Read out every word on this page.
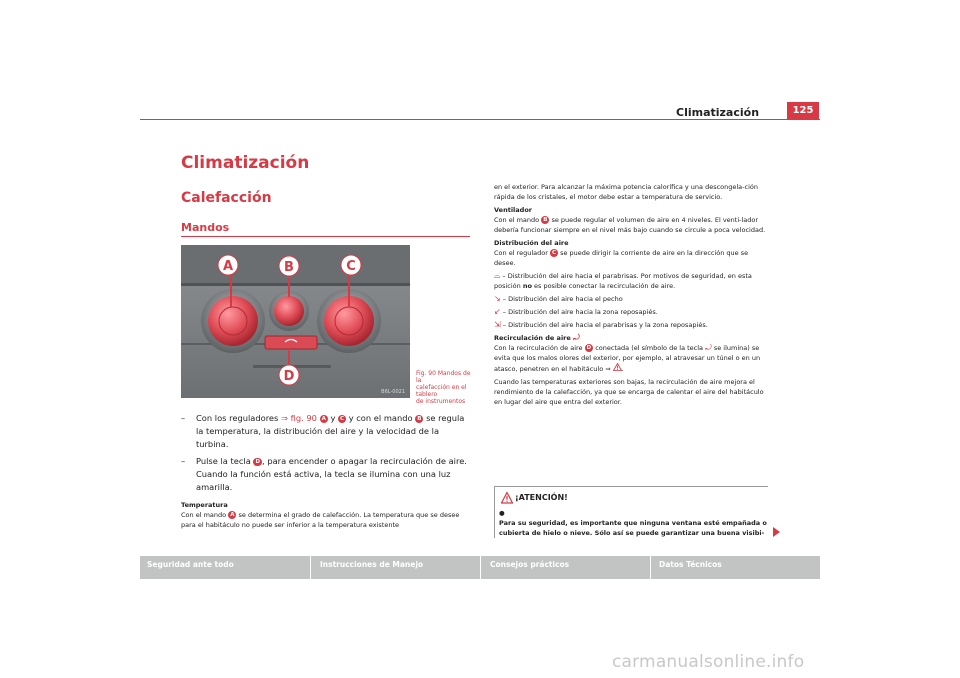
Climatización	125
Climatización
Calefacción
Mandos
A	B	C
D
B6L-0021
Fig. 90 Mandos de la
calefacción en el tablero
de instrumentos
– Con los reguladores ⇒ fig. 90 A y C y con el mando B se regula la temperatura, la distribución del aire y la velocidad de la turbina.
– Pulse la tecla D , para encender o apagar la recirculación de aire. Cuando la función está activa, la tecla se ilumina con una luz amarilla.
Temperatura
Con el mando A se determina el grado de calefacción. La temperatura que se desee para el habitáculo no puede ser inferior a la temperatura existente

en el exterior. Para alcanzar la máxima potencia calorífica y una descongela-ción rápida de los cristales, el motor debe estar a temperatura de servicio.

Ventilador

Con el mando B se puede regular el volumen de aire en 4 niveles. El venti-lador debería funcionar siempre en el nivel más bajo cuando se circule a poca velocidad.

Distribución del aire

Con el regulador C se puede dirigir la corriente de aire en la dirección que se desee.

⌓ – Distribución del aire hacia el parabrisas. Por motivos de seguridad, en esta posición no es posible conectar la recirculación de aire.

↘ – Distribución del aire hacia el pecho

↙ – Distribución del aire hacia la zona reposapiés.

⇲ – Distribución del aire hacia el parabrisas y la zona reposapiés.

Recirculación de aire ⤾

Con la recirculación de aire D conectada (el símbolo de la tecla ⤾ se ilumina) se evita que los malos olores del exterior, por ejemplo, al atravesar un túnel o en un atasco, penetren en el habitáculo ⇒ .

Cuando las temperaturas exteriores son bajas, la recirculación de aire mejora el rendimiento de la calefacción, ya que se encarga de calentar el aire del habitáculo en lugar del aire que entra del exterior.

¡ATENCIÓN!
●
Para su seguridad, es importante que ninguna ventana esté empañada o cubierta de hielo o nieve. Sólo así se puede garantizar una buena visibi-
Seguridad ante todo	Instrucciones de Manejo	Consejos prácticos	Datos Técnicos
carmanualsonline.info
